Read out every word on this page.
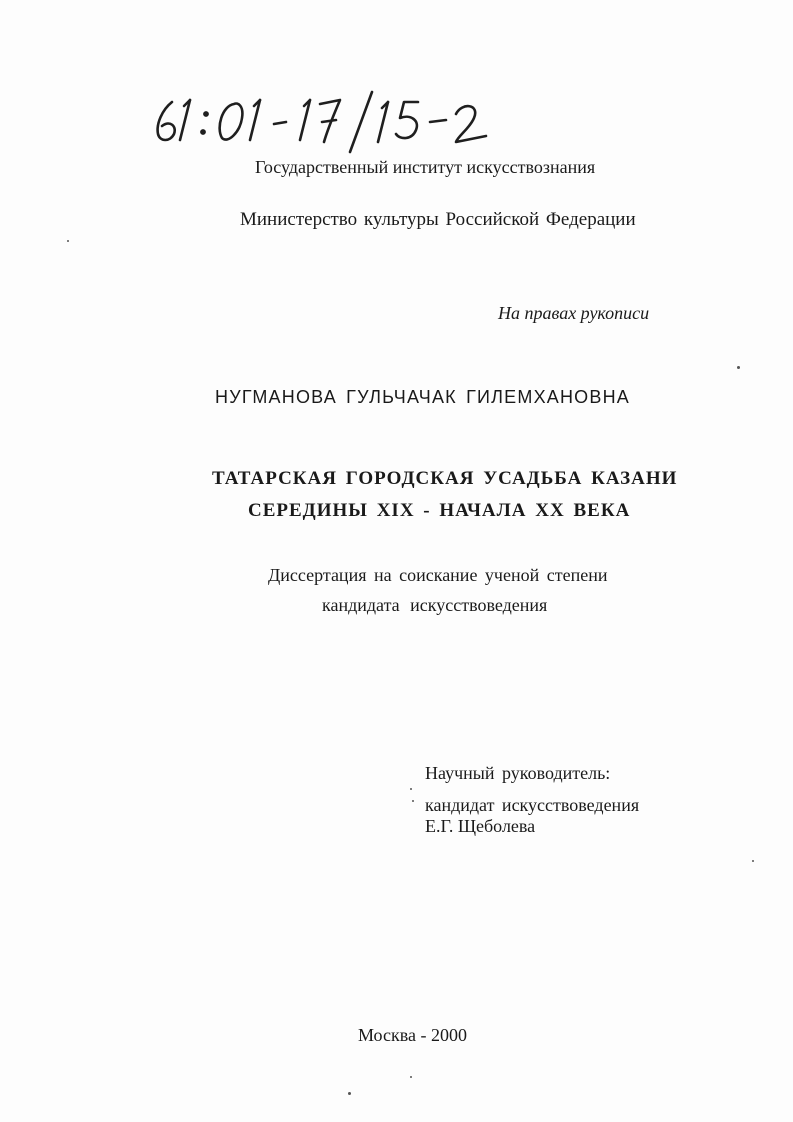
Государственный институт искусствознания
Министерство культуры Российской Федерации
На правах рукописи
НУГМАНОВА ГУЛЬЧАЧАК ГИЛЕМХАНОВНА
ТАТАРСКАЯ ГОРОДСКАЯ УСАДЬБА КАЗАНИ
СЕРЕДИНЫ XIX - НАЧАЛА XX ВЕКА
Диссертация на соискание ученой степени
кандидата искусствоведения
Научный руководитель:
кандидат искусствоведения
Е.Г. Щеболева
Москва - 2000
